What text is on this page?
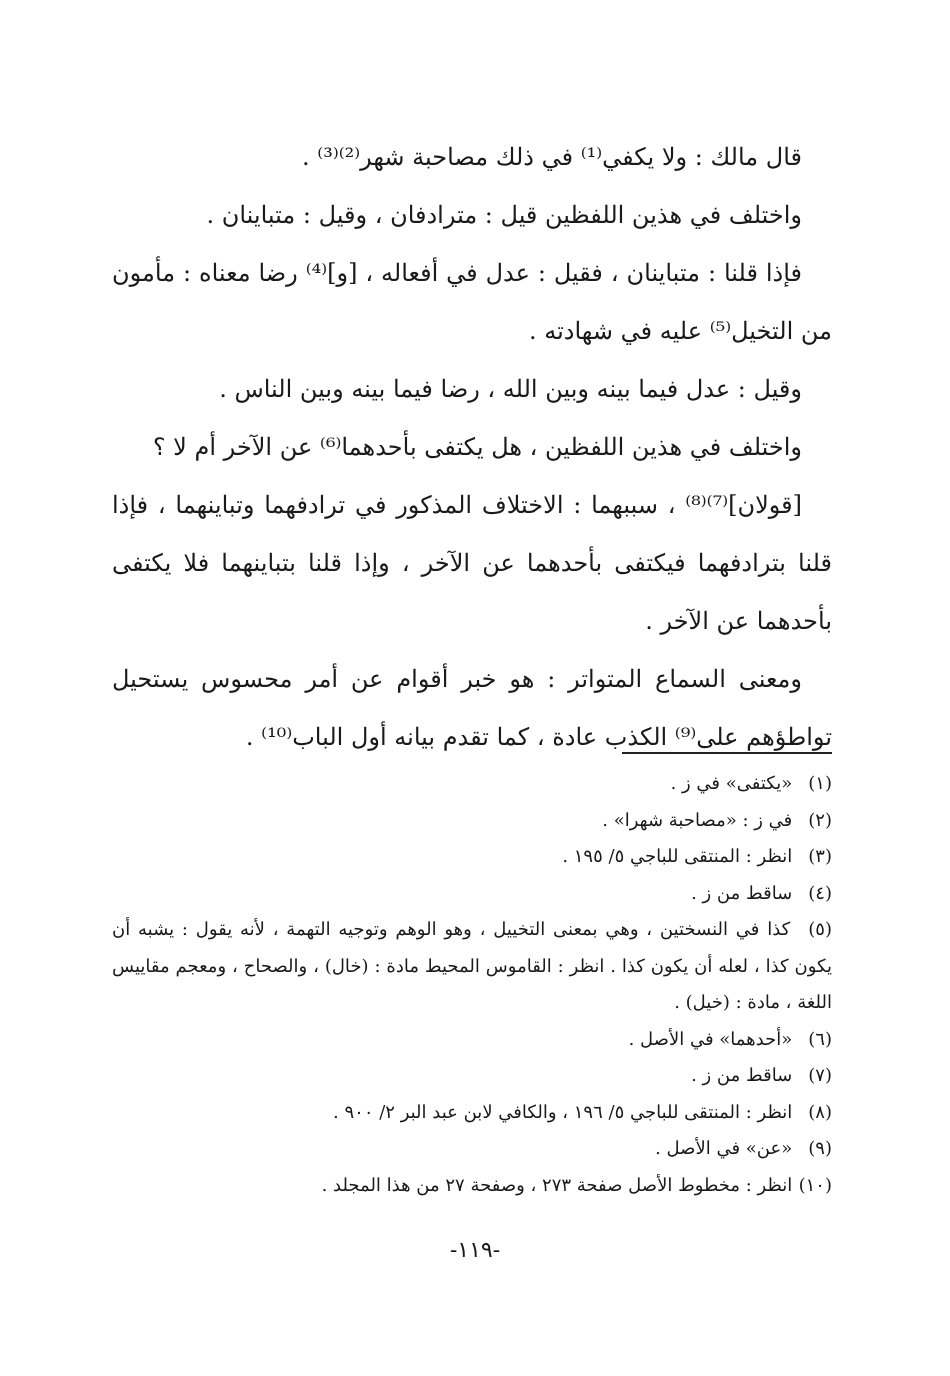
قال مالك : ولا يكفي⁽¹⁾ في ذلك مصاحبة شهر⁽²⁾⁽³⁾ .

واختلف في هذين اللفظين قيل : مترادفان ، وقيل : متباينان .

فإذا قلنا : متباينان ، فقيل : عدل في أفعاله ، [و]⁽⁴⁾ رضا معناه : مأمون من التخيل⁽⁵⁾ عليه في شهادته .

وقيل : عدل فيما بينه وبين الله ، رضا فيما بينه وبين الناس .

واختلف في هذين اللفظين ، هل يكتفى بأحدهما⁽⁶⁾ عن الآخر أم لا ؟

[قولان]⁽⁷⁾⁽⁸⁾ ، سببهما : الاختلاف المذكور في ترادفهما وتباينهما ، فإذا قلنا بترادفهما فيكتفى بأحدهما عن الآخر ، وإذا قلنا بتباينهما فلا يكتفى بأحدهما عن الآخر .

ومعنى السماع المتواتر : هو خبر أقوام عن أمر محسوس يستحيل تواطؤهم على⁽⁹⁾ الكذب عادة ، كما تقدم بيانه أول الباب⁽¹⁰⁾ .

(١) «يكتفى» في ز .

(٢) في ز : «مصاحبة شهرا» .

(٣) انظر : المنتقى للباجي ٥/ ١٩٥ .

(٤) ساقط من ز .

(٥) كذا في النسختين ، وهي بمعنى التخييل ، وهو الوهم وتوجيه التهمة ، لأنه يقول : يشبه أن يكون كذا ، لعله أن يكون كذا . انظر : القاموس المحيط مادة : (خال) ، والصحاح ، ومعجم مقاييس اللغة ، مادة : (خيل) .

(٦) «أحدهما» في الأصل .

(٧) ساقط من ز .

(٨) انظر : المنتقى للباجي ٥/ ١٩٦ ، والكافي لابن عبد البر ٢/ ٩٠٠ .

(٩) «عن» في الأصل .

(١٠) انظر : مخطوط الأصل صفحة ٢٧٣ ، وصفحة ٢٧ من هذا المجلد .

-١١٩-
